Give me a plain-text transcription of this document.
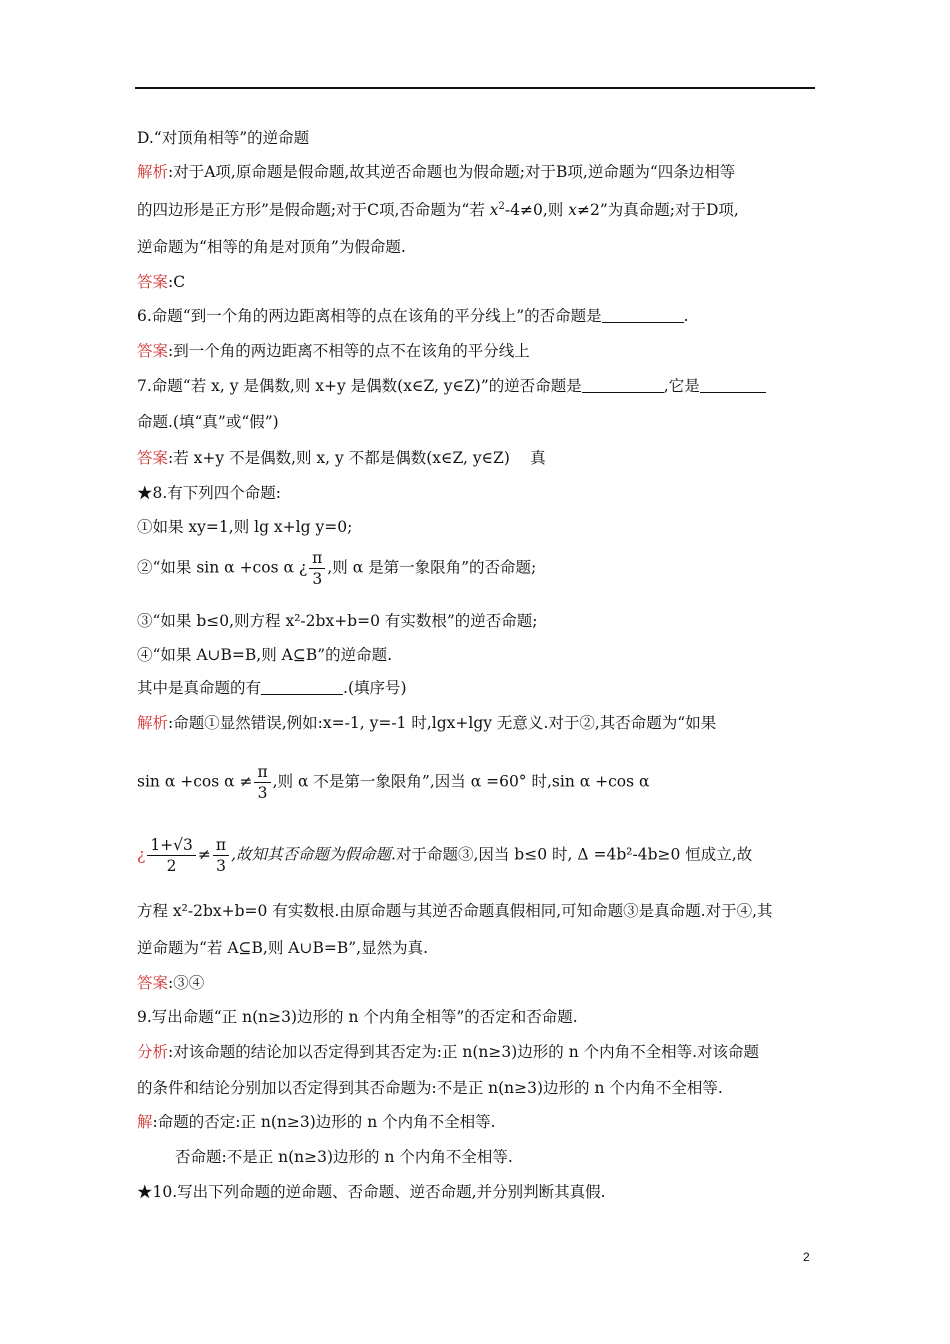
D.“对顶角相等”的逆命题
解析:对于A项,原命题是假命题,故其逆否命题也为假命题;对于B项,逆命题为“四条边相等
的四边形是正方形”是假命题;对于C项,否命题为“若 $x^2-4\ne 0$,则 x≠2”为真命题;对于D项,
逆命题为“相等的角是对顶角”为假命题.
答案:C
6.命题“到一个角的两边距离相等的点在该角的平分线上”的否命题是	.
答案:到一个角的两边距离不相等的点不在该角的平分线上
7.命题“若 x, y 是偶数,则 x+y 是偶数(x∈Z, y∈Z)”的逆否命题是	,它是
命题.(填“真”或“假”)
答案:若 x+y 不是偶数,则 x, y 不都是偶数(x∈Z, y∈Z)　 真
★8.有下列四个命题:
①如果 xy=1,则 lg x+lg y=0;
②“如果 sin α +cos α ¿ $\frac{\pi}{3}$ ,则 α 是第一象限角”的否命题;
③“如果 b≤0,则方程 x²-2bx+b=0 有实数根”的逆否命题;
④“如果 A∪B=B,则 A⊆B”的逆命题.
其中是真命题的有	.(填序号)
解析:命题①显然错误,例如:x=-1, y=-1 时,lgx+lgy 无意义.对于②,其否命题为“如果
sin α +cos $\alpha \ne \frac{\pi}{3}$ ,则 α 不是第一象限角”,因当 α =60° 时,sin α +cos α
¿ $\frac{1+√3}{2} \ne \frac{\pi}{3}$ ,故知其否命题为假命题.对于命题③,因当 b≤0 时, Δ =4b²-4b≥0 恒成立,故
方程 x²-2bx+b=0 有实数根.由原命题与其逆否命题真假相同,可知命题③是真命题.对于④,其
逆命题为“若 A⊆B,则 A∪B=B”,显然为真.
答案:③④
9.写出命题“正 n(n≥3)边形的 n 个内角全相等”的否定和否命题.
分析:对该命题的结论加以否定得到其否定为:正 n(n≥3)边形的 n 个内角不全相等.对该命题
的条件和结论分别加以否定得到其否命题为:不是正 n(n≥3)边形的 n 个内角不全相等.
解:命题的否定:正 n(n≥3)边形的 n 个内角不全相等.
否命题:不是正 n(n≥3)边形的 n 个内角不全相等.
★10.写出下列命题的逆命题、否命题、逆否命题,并分别判断其真假.
2
